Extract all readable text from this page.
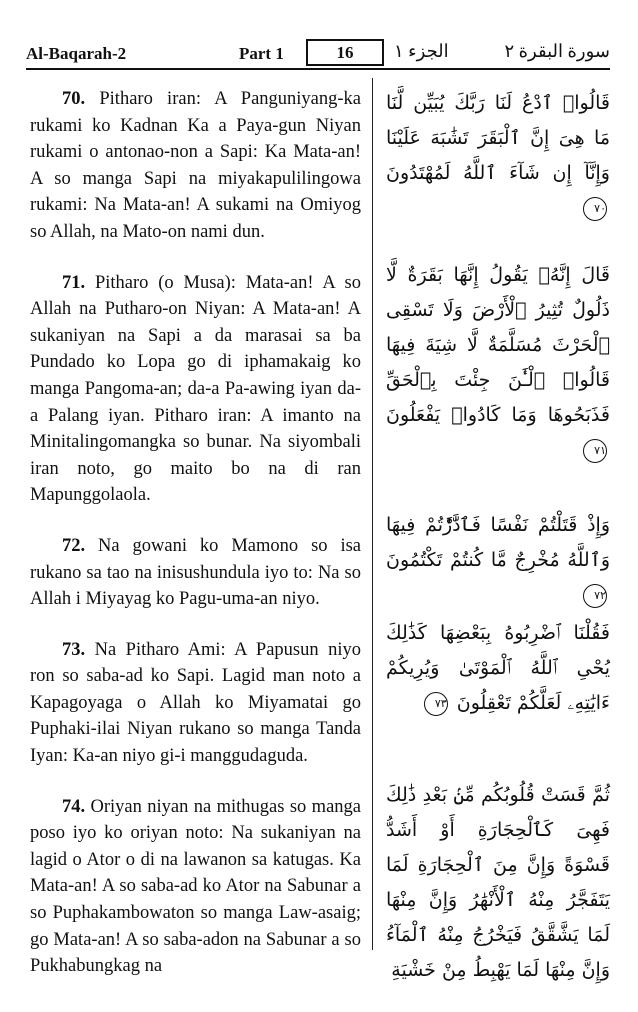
Al-Baqarah-2	Part 1	16	الجزء ١	سورة البقرة ٢

70. Pitharo iran: A Panguniyang-ka rukami ko Kadnan Ka a Paya-gun Niyan rukami o antonao-non a Sapi: Ka Mata-an! A so manga Sapi na miyakapulilingowa rukami: Na Mata-an! A sukami na Omiyog so Allah, na Mato-on nami dun.

71. Pitharo (o Musa): Mata-an! A so Allah na Putharo-on Niyan: A Mata-an! A sukaniyan na Sapi a da marasai sa ba Pundado ko Lopa go di iphamakaig ko manga Pangoma-an; da-a Pa-awing iyan da-a Palang iyan. Pitharo iran: A imanto na Minitalingomangka so bunar. Na siyombali iran noto, go maito bo na di ran Mapunggolaola.

72. Na gowani ko Mamono so isa rukano sa tao na inisushundula iyo to: Na so Allah i Miyayag ko Pagu-uma-an niyo.

73. Na Pitharo Ami: A Papusun niyo ron so saba-ad ko Sapi. Lagid man noto a Kapagoyaga o Allah ko Miyamatai go Puphaki-ilai Niyan rukano so manga Tanda Iyan: Ka-an niyo gi-i manggudaguda.

74. Oriyan niyan na mithugas so manga poso iyo ko oriyan noto: Na sukaniyan na lagid o Ator o di na lawanon sa katugas. Ka Mata-an! A so saba-ad ko Ator na Sabunar a so Puphakambowaton so manga Law-asaig; go Mata-an! A so saba-adon na Sabunar a so Pukhabungkag na

قَالُوا۟ ٱدْعُ لَنَا رَبَّكَ يُبَيِّن لَّنَا مَا هِىَ إِنَّ ٱلْبَقَرَ تَشَٰبَهَ عَلَيْنَا وَإِنَّآ إِن شَآءَ ٱللَّهُ لَمُهْتَدُونَ ٧٠

قَالَ إِنَّهُۥ يَقُولُ إِنَّهَا بَقَرَةٌ لَّا ذَلُولٌ تُثِيرُ ٱلْأَرْضَ وَلَا تَسْقِى ٱلْحَرْثَ مُسَلَّمَةٌ لَّا شِيَةَ فِيهَا قَالُوا۟ ٱلْـَٰٔنَ جِئْتَ بِٱلْحَقِّ فَذَبَحُوهَا وَمَا كَادُوا۟ يَفْعَلُونَ ٧١

وَإِذْ قَتَلْتُمْ نَفْسًا فَٱدَّٰرَْٰٔتُمْ فِيهَا وَٱللَّهُ مُخْرِجٌ مَّا كُنتُمْ تَكْتُمُونَ ٧٢

فَقُلْنَا ٱضْرِبُوهُ بِبَعْضِهَا كَذَٰلِكَ يُحْىِ ٱللَّهُ ٱلْمَوْتَىٰ وَيُرِيكُمْ ءَايَٰتِهِۦ لَعَلَّكُمْ تَعْقِلُونَ ٧٣

ثُمَّ قَسَتْ قُلُوبُكُم مِّنۢ بَعْدِ ذَٰلِكَ فَهِىَ كَٱلْحِجَارَةِ أَوْ أَشَدُّ قَسْوَةً وَإِنَّ مِنَ ٱلْحِجَارَةِ لَمَا يَتَفَجَّرُ مِنْهُ ٱلْأَنْهَٰرُ وَإِنَّ مِنْهَا لَمَا يَشَّقَّقُ فَيَخْرُجُ مِنْهُ ٱلْمَآءُ وَإِنَّ مِنْهَا لَمَا يَهْبِطُ مِنْ خَشْيَةِ
